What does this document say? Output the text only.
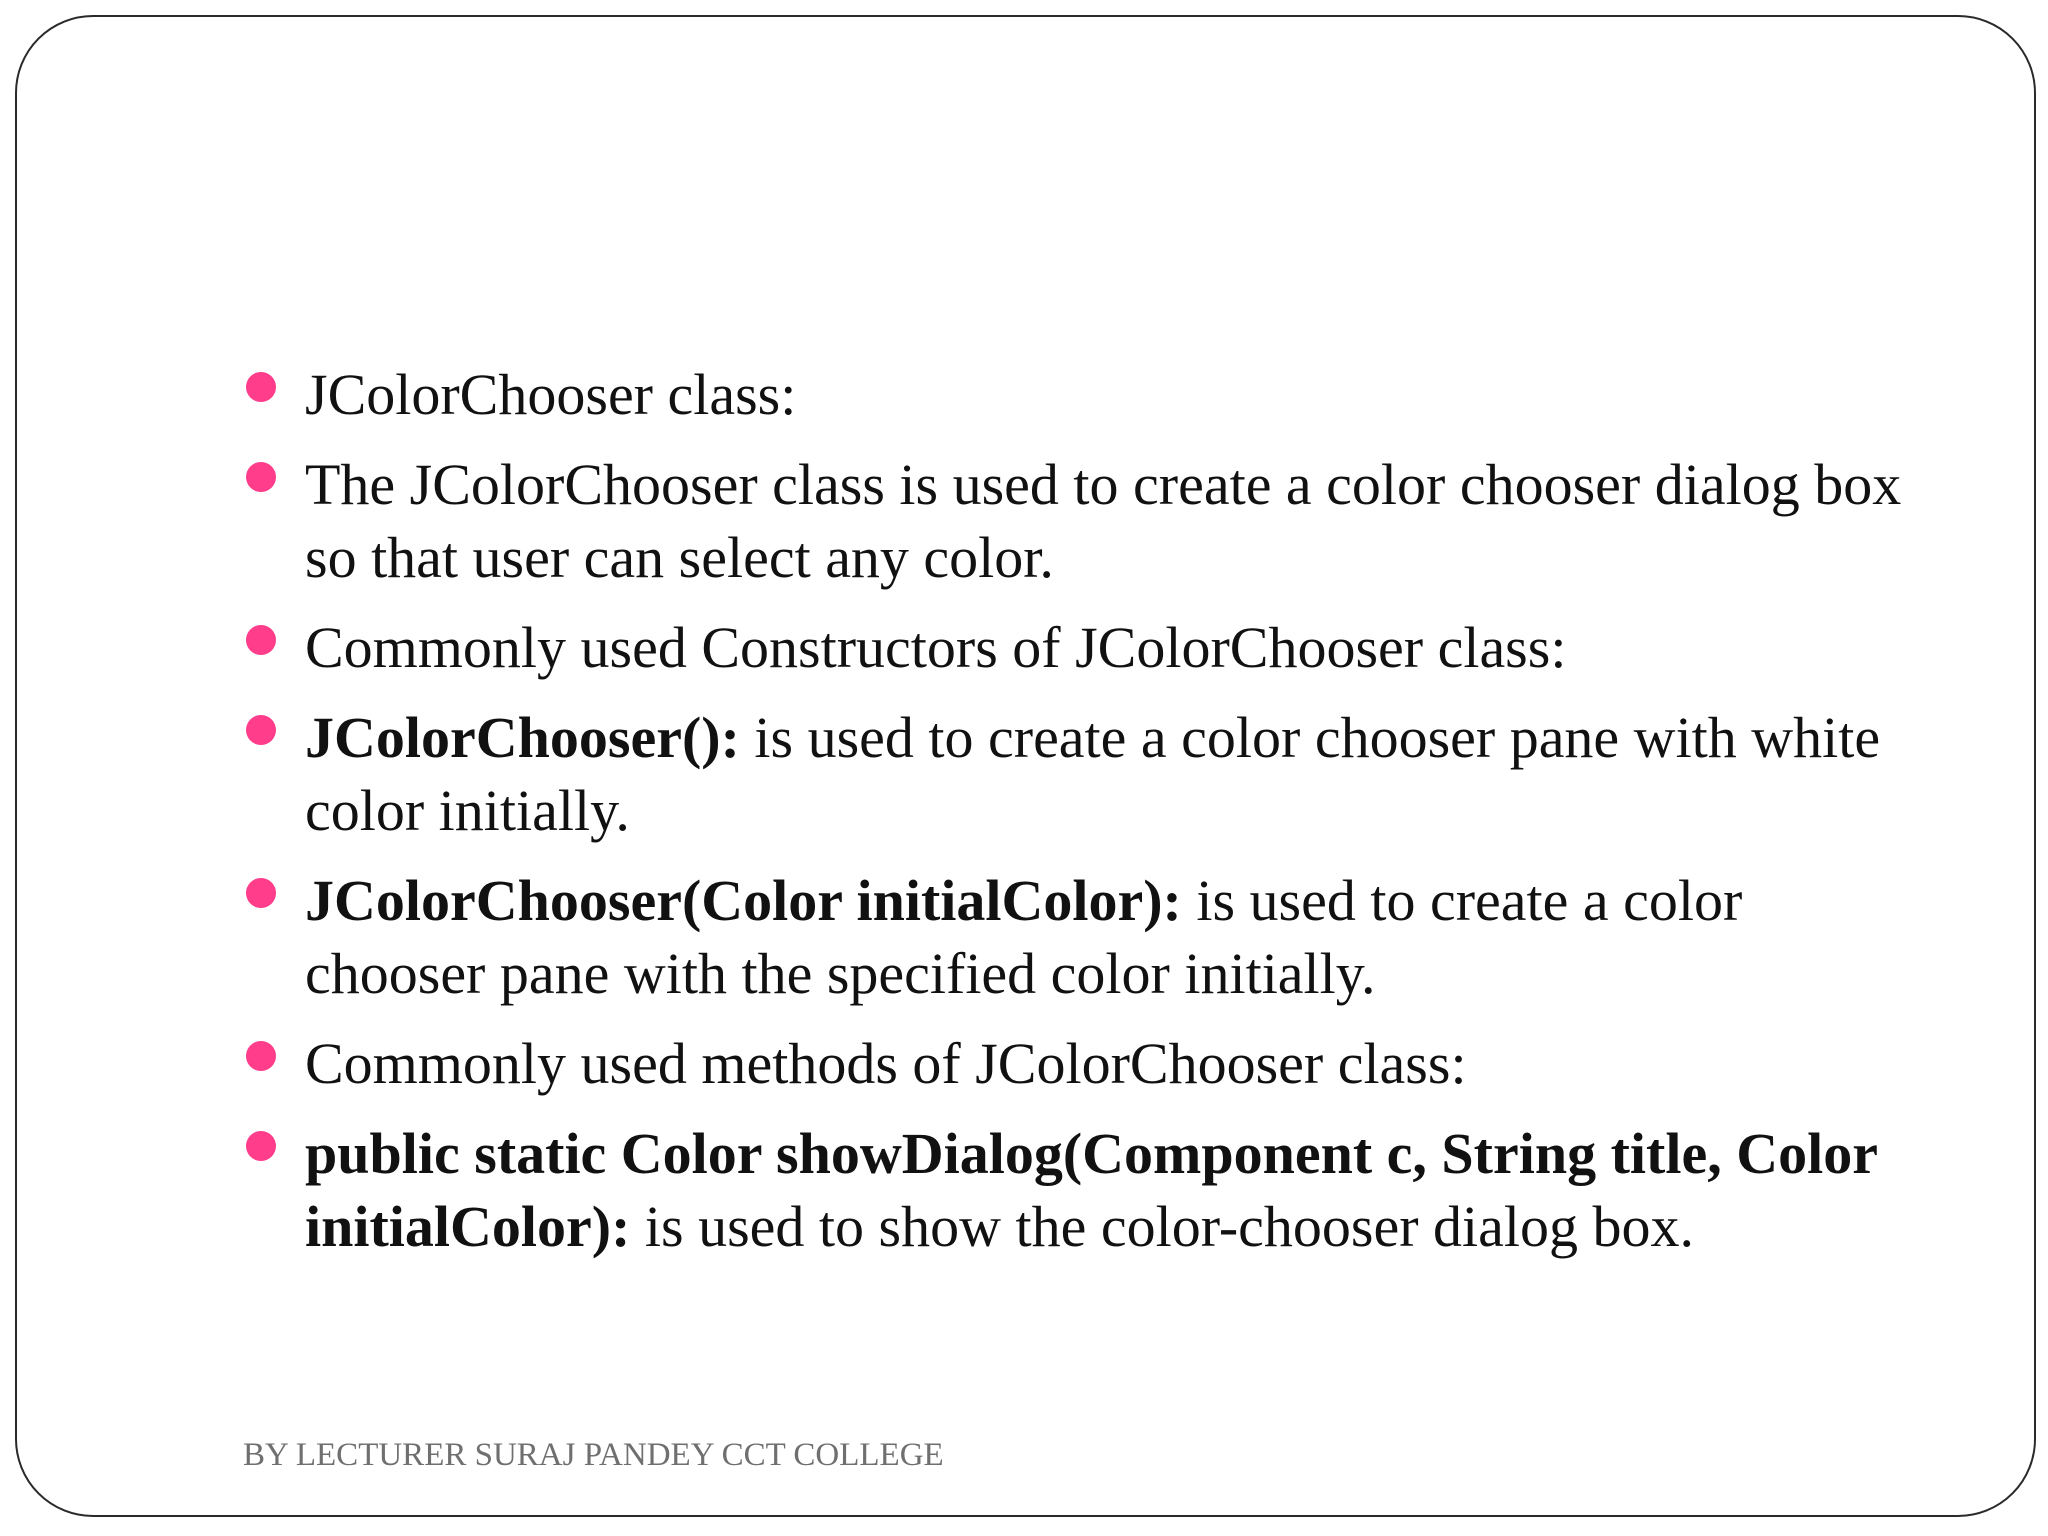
JColorChooser class:
The JColorChooser class is used to create a color chooser dialog box so that user can select any color.
Commonly used Constructors of JColorChooser class:
JColorChooser(): is used to create a color chooser pane with white color initially.
JColorChooser(Color initialColor): is used to create a color chooser pane with the specified color initially.
Commonly used methods of JColorChooser class:
public static Color showDialog(Component c, String title, Color initialColor): is used to show the color-chooser dialog box.
BY LECTURER SURAJ PANDEY CCT COLLEGE
